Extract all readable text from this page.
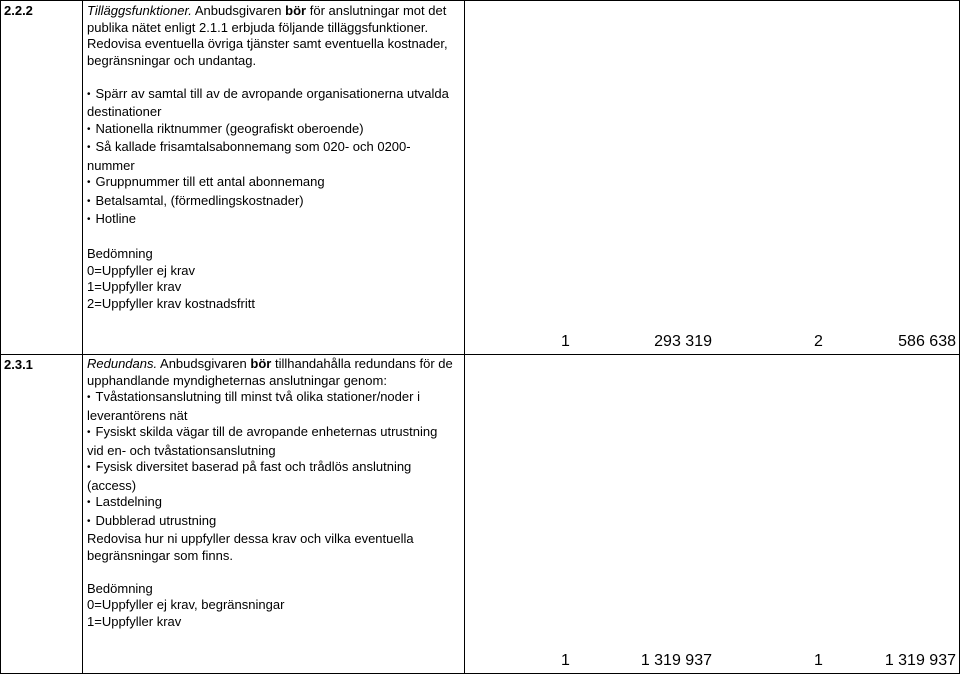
2.2.2	Tilläggsfunktioner. Anbudsgivaren bör för anslutningar mot det publika nätet enligt 2.1.1 erbjuda följande tilläggsfunktioner.

Redovisa eventuella övriga tjänster samt eventuella kostnader, begränsningar och undantag.

• Spärr av samtal till av de avropande organisationerna utvalda destinationer
• Nationella riktnummer (geografiskt oberoende)
• Så kallade frisamtalsabonnemang som 020- och 0200-nummer
• Gruppnummer till ett antal abonnemang
• Betalsamtal, (förmedlingskostnader)
• Hotline

Bedömning

0=Uppfyller ej krav

1=Uppfyller krav

2=Uppfyller krav kostnadsfritt

1	293 319	2	586 638
2.3.1	Redundans. Anbudsgivaren bör tillhandahålla redundans för de upphandlande myndigheternas anslutningar genom:

• Tvåstationsanslutning till minst två olika stationer/noder i leverantörens nät
• Fysiskt skilda vägar till de avropande enheternas utrustning vid en- och tvåstationsanslutning
• Fysisk diversitet baserad på fast och trådlös anslutning (access)
• Lastdelning
• Dubblerad utrustning

Redovisa hur ni uppfyller dessa krav och vilka eventuella begränsningar som finns.

Bedömning

0=Uppfyller ej krav, begränsningar

1=Uppfyller krav

1	1 319 937	1	1 319 937
